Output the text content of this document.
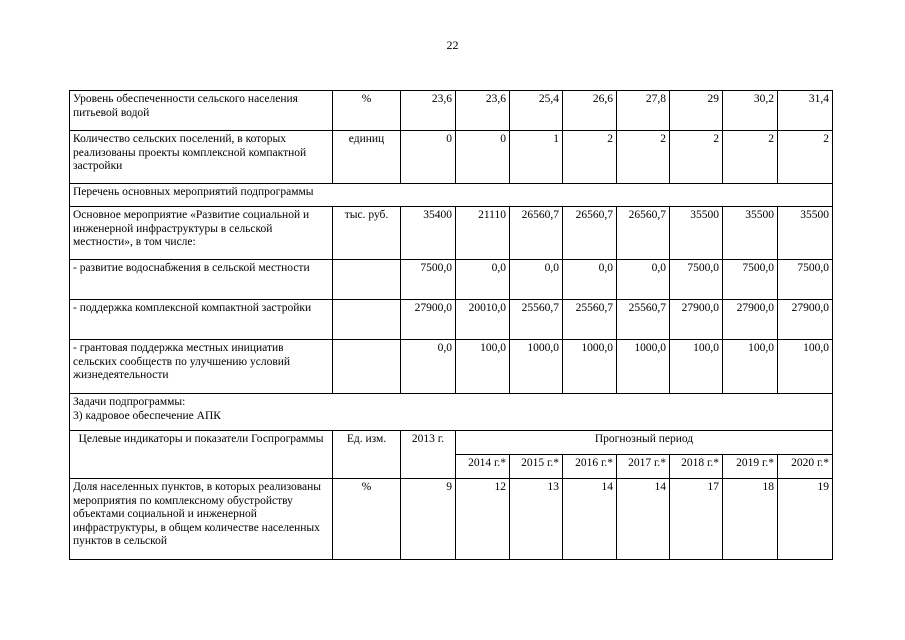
22
Уровень обеспеченности сельского населения питьевой водой	%	23,6	23,6	25,4	26,6	27,8	29	30,2	31,4
Количество сельских поселений, в которых реализованы проекты комплексной компактной застройки	единиц	0	0	1	2	2	2	2	2
Перечень основных мероприятий подпрограммы									
Основное мероприятие «Развитие социальной и инженерной инфраструктуры в сельской местности», в том числе:	тыс. руб.	35400	21110	26560,7	26560,7	26560,7	35500	35500	35500
- развитие водоснабжения в сельской местности		7500,0	0,0	0,0	0,0	0,0	7500,0	7500,0	7500,0
- поддержка комплексной компактной застройки		27900,0	20010,0	25560,7	25560,7	25560,7	27900,0	27900,0	27900,0
- грантовая поддержка местных инициатив сельских сообществ по улучшению условий жизнедеятельности		0,0	100,0	1000,0	1000,0	1000,0	100,0	100,0	100,0

Задачи подпрограммы:
3) кадровое обеспечение АПК									

Целевые индикаторы и показатели Госпрограммы	Ед. изм.	2013 г.	Прогнозный период						
			2014 г.*	2015 г.*	2016 г.*	2017 г.*	2018 г.*	2019 г.*	2020 г.*
Доля населенных пунктов, в которых реализованы мероприятия по комплексному обустройству объектами социальной и инженерной инфраструктуры, в общем количестве населенных пунктов в сельской	%	9	12	13	14	14	17	18	19
